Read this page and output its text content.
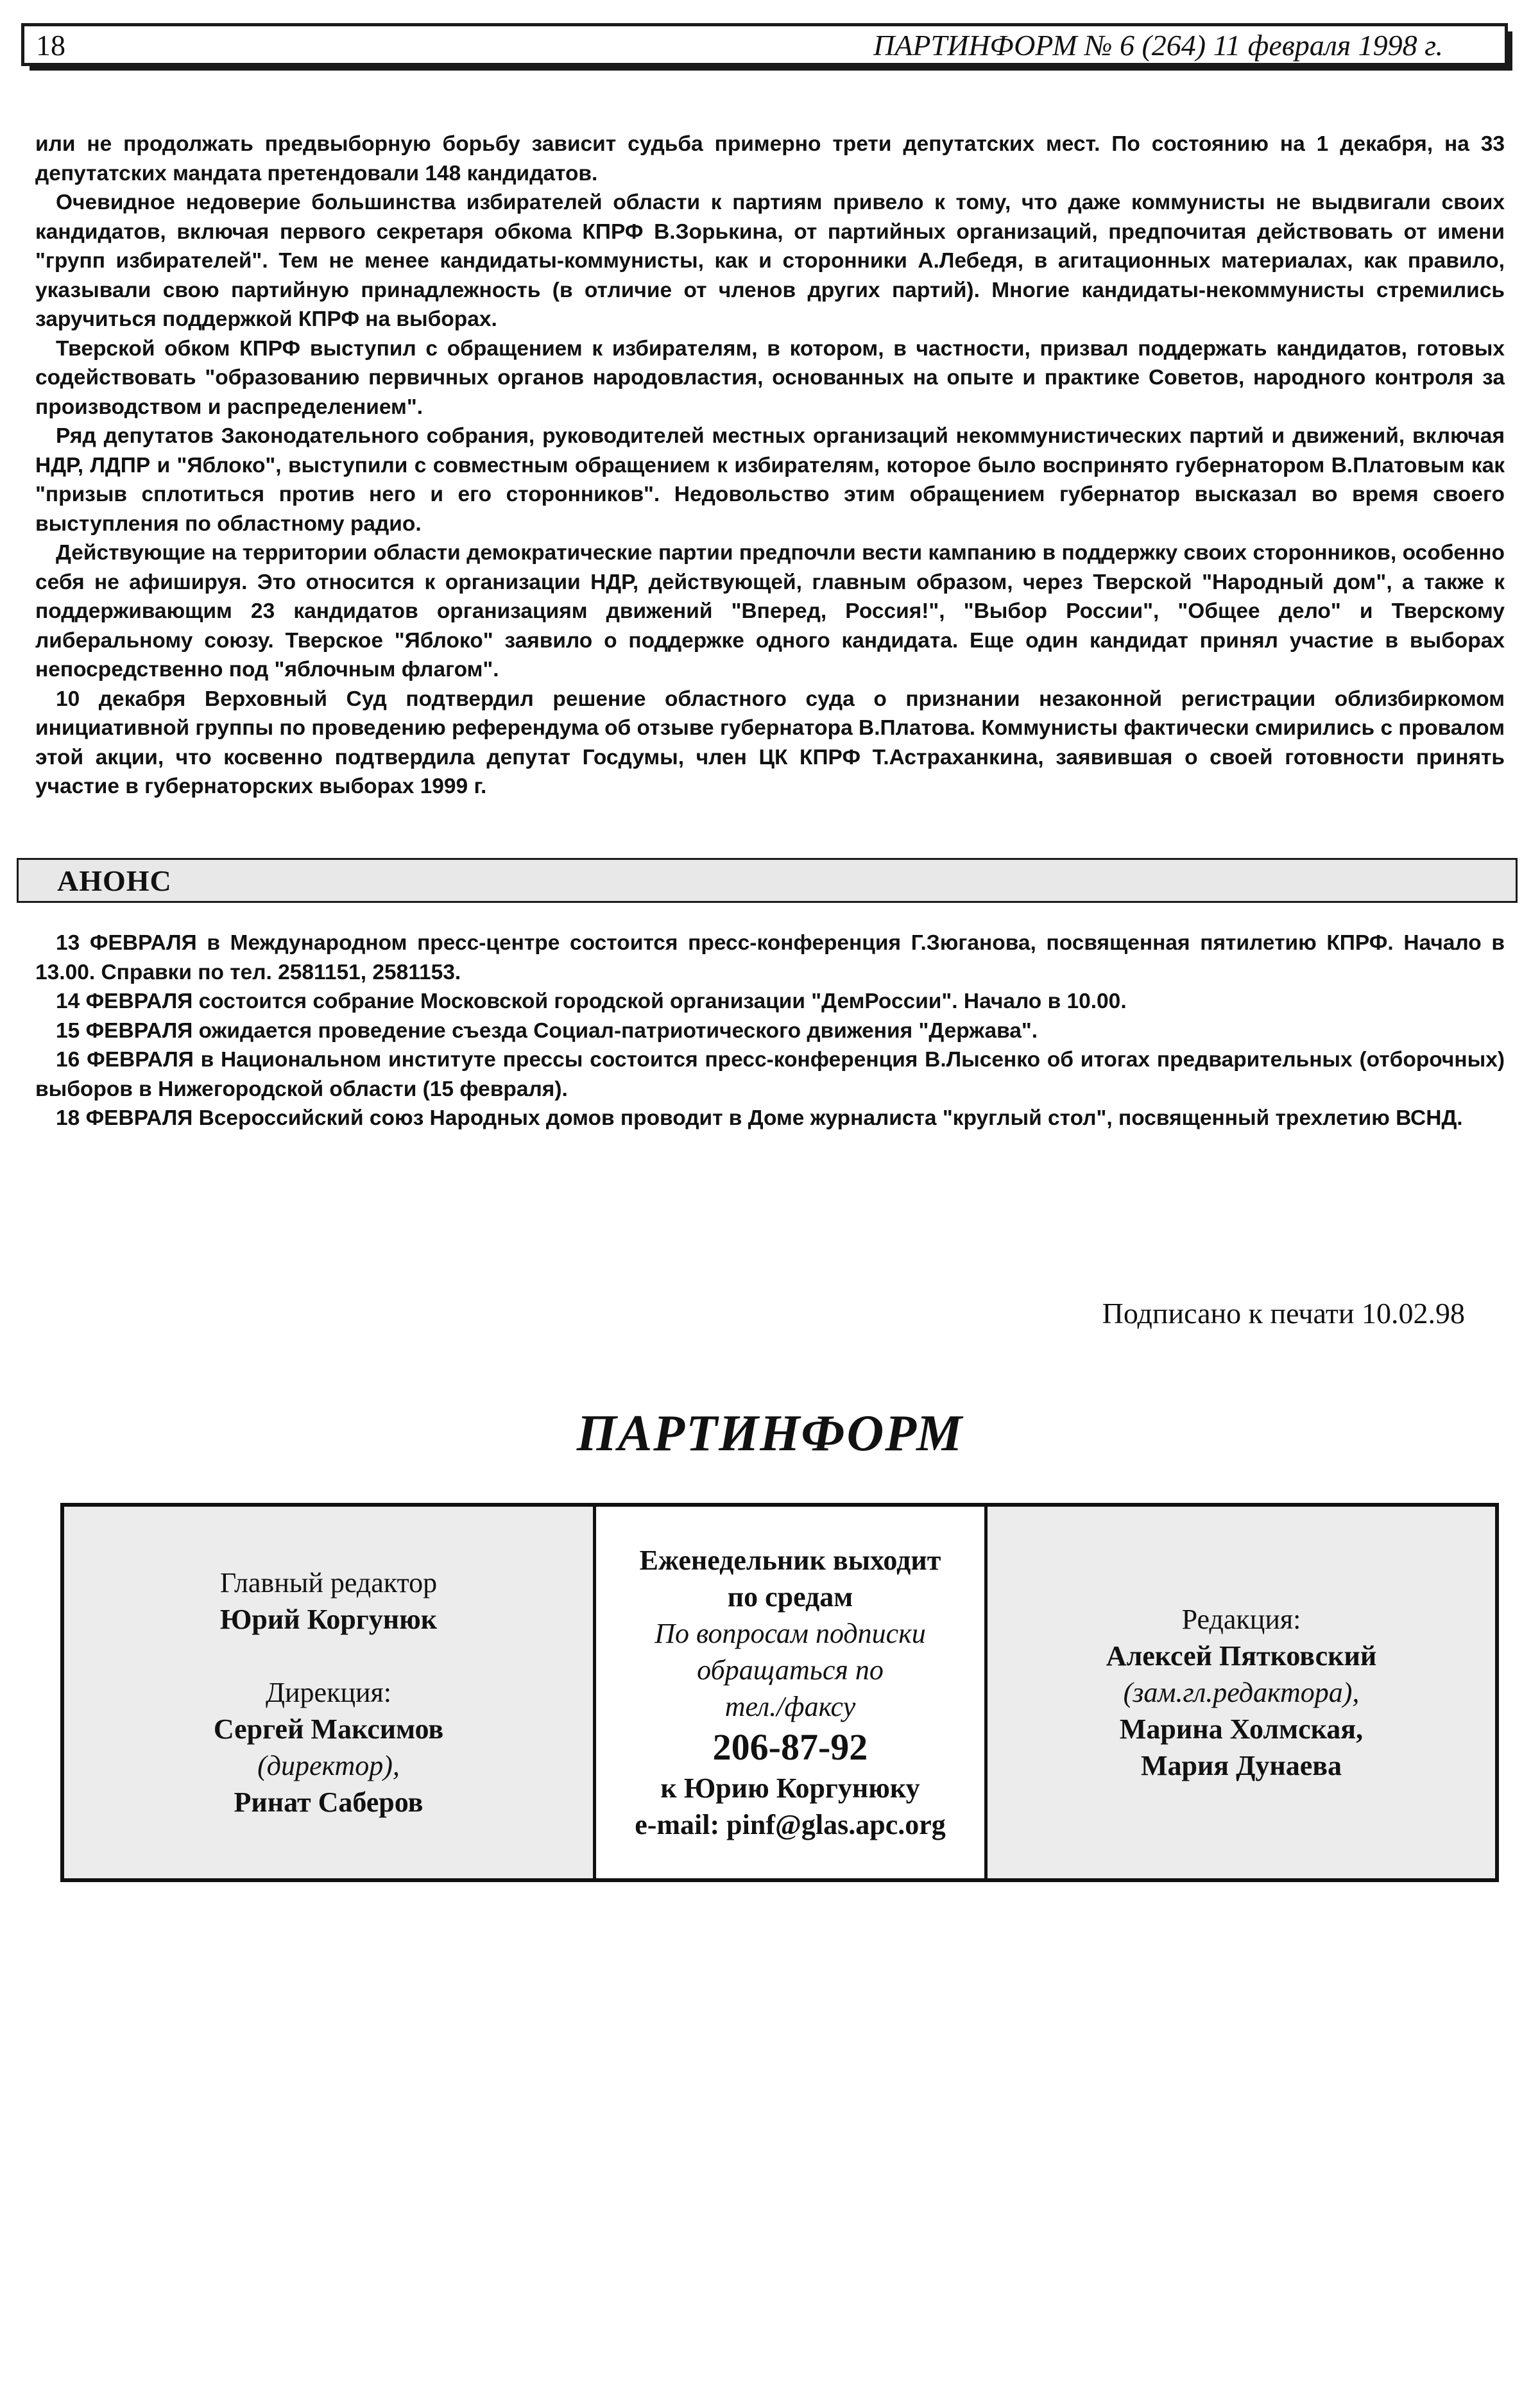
18	ПАРТИНФОРМ № 6 (264) 11 февраля 1998 г.

или не продолжать предвыборную борьбу зависит судьба примерно трети депутатских мест. По состоянию на 1 декабря, на 33 депутатских мандата претендовали 148 кандидатов.

Очевидное недоверие большинства избирателей области к партиям привело к тому, что даже коммунисты не выдвигали своих кандидатов, включая первого секретаря обкома КПРФ В.Зорькина, от партийных организаций, предпочитая действовать от имени "групп избирателей". Тем не менее кандидаты-коммунисты, как и сторонники А.Лебедя, в агитационных материалах, как правило, указывали свою партийную принадлежность (в отличие от членов других партий). Многие кандидаты-некоммунисты стремились заручиться поддержкой КПРФ на выборах.

Тверской обком КПРФ выступил с обращением к избирателям, в котором, в частности, призвал поддержать кандидатов, готовых содействовать "образованию первичных органов народовластия, основанных на опыте и практике Советов, народного контроля за производством и распределением".

Ряд депутатов Законодательного собрания, руководителей местных организаций некоммунистических партий и движений, включая НДР, ЛДПР и "Яблоко", выступили с совместным обращением к избирателям, которое было воспринято губернатором В.Платовым как "призыв сплотиться против него и его сторонников". Недовольство этим обращением губернатор высказал во время своего выступления по областному радио.

Действующие на территории области демократические партии предпочли вести кампанию в поддержку своих сторонников, особенно себя не афишируя. Это относится к организации НДР, действующей, главным образом, через Тверской "Народный дом", а также к поддерживающим 23 кандидатов организациям движений "Вперед, Россия!", "Выбор России", "Общее дело" и Тверскому либеральному союзу. Тверское "Яблоко" заявило о поддержке одного кандидата. Еще один кандидат принял участие в выборах непосредственно под "яблочным флагом".

10 декабря Верховный Суд подтвердил решение областного суда о признании незаконной регистрации облизбиркомом инициативной группы по проведению референдума об отзыве губернатора В.Платова. Коммунисты фактически смирились с провалом этой акции, что косвенно подтвердила депутат Госдумы, член ЦК КПРФ Т.Астраханкина, заявившая о своей готовности принять участие в губернаторских выборах 1999 г.

АНОНС

13 ФЕВРАЛЯ в Международном пресс-центре состоится пресс-конференция Г.Зюганова, посвященная пятилетию КПРФ. Начало в 13.00. Справки по тел. 2581151, 2581153.

14 ФЕВРАЛЯ состоится собрание Московской городской организации "ДемРоссии". Начало в 10.00.

15 ФЕВРАЛЯ ожидается проведение съезда Социал-патриотического движения "Держава".

16 ФЕВРАЛЯ в Национальном институте прессы состоится пресс-конференция В.Лысенко об итогах предварительных (отборочных) выборов в Нижегородской области (15 февраля).

18 ФЕВРАЛЯ Всероссийский союз Народных домов проводит в Доме журналиста "круглый стол", посвященный трехлетию ВСНД.

Подписано к печати 10.02.98
ПАРТИНФОРМ
Главный редактор
Юрий Коргунюк
Дирекция:
Сергей Максимов
(директор),
Ринат Саберов
Еженедельник выходит
по средам
По вопросам подписки
обращаться по
тел./факсу
206-87-92
к Юрию Коргунюку
e-mail: pinf@glas.apc.org
Редакция:
Алексей Пятковский
(зам.гл.редактора),
Марина Холмская,
Мария Дунаева
